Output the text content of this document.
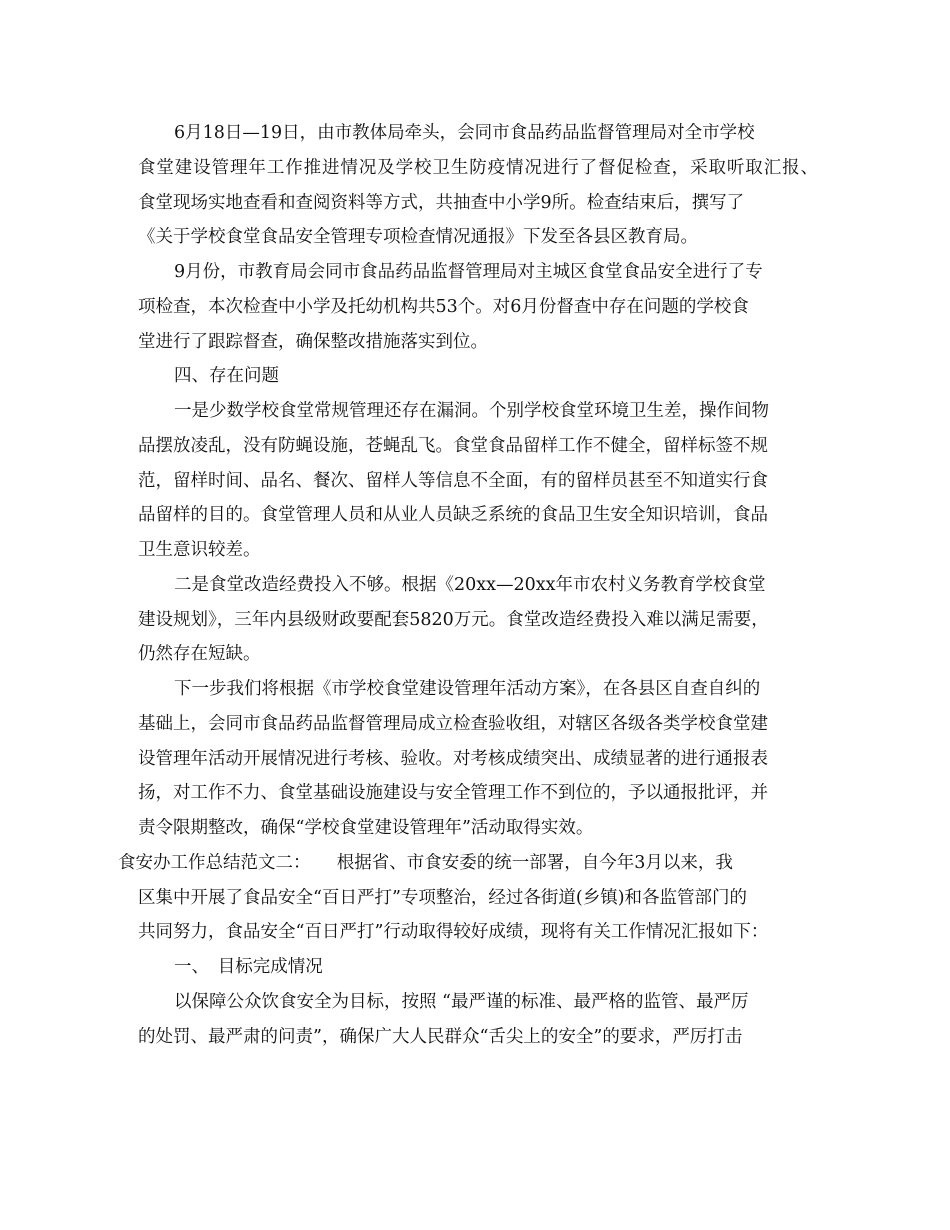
6月18日—19日，由市教体局牵头，会同市食品药品监督管理局对全市学校
食堂建设管理年工作推进情况及学校卫生防疫情况进行了督促检查，采取听取汇报、
食堂现场实地查看和查阅资料等方式，共抽查中小学9所。检查结束后，撰写了
《关于学校食堂食品安全管理专项检查情况通报》下发至各县区教育局。
9月份，市教育局会同市食品药品监督管理局对主城区食堂食品安全进行了专
项检查，本次检查中小学及托幼机构共53个。对6月份督查中存在问题的学校食
堂进行了跟踪督查，确保整改措施落实到位。
四、存在问题
一是少数学校食堂常规管理还存在漏洞。个别学校食堂环境卫生差，操作间物
品摆放凌乱，没有防蝇设施，苍蝇乱飞。食堂食品留样工作不健全，留样标签不规
范，留样时间、品名、餐次、留样人等信息不全面，有的留样员甚至不知道实行食
品留样的目的。食堂管理人员和从业人员缺乏系统的食品卫生安全知识培训，食品
卫生意识较差。
二是食堂改造经费投入不够。根据《20xx—20xx年市农村义务教育学校食堂
建设规划》，三年内县级财政要配套5820万元。食堂改造经费投入难以满足需要，
仍然存在短缺。
下一步我们将根据《市学校食堂建设管理年活动方案》，在各县区自查自纠的
基础上，会同市食品药品监督管理局成立检查验收组，对辖区各级各类学校食堂建
设管理年活动开展情况进行考核、验收。对考核成绩突出、成绩显著的进行通报表
扬，对工作不力、食堂基础设施建设与安全管理工作不到位的，予以通报批评，并
责令限期整改，确保“学校食堂建设管理年”活动取得实效。
食安办工作总结范文二：　　根据省、市食安委的统一部署，自今年3月以来，我
区集中开展了食品安全“百日严打”专项整治，经过各街道(乡镇)和各监管部门的
共同努力，食品安全“百日严打”行动取得较好成绩，现将有关工作情况汇报如下：
一、　目标完成情况
以保障公众饮食安全为目标，按照 “最严谨的标准、最严格的监管、最严厉
的处罚、最严肃的问责”，确保广大人民群众“舌尖上的安全”的要求，严厉打击
